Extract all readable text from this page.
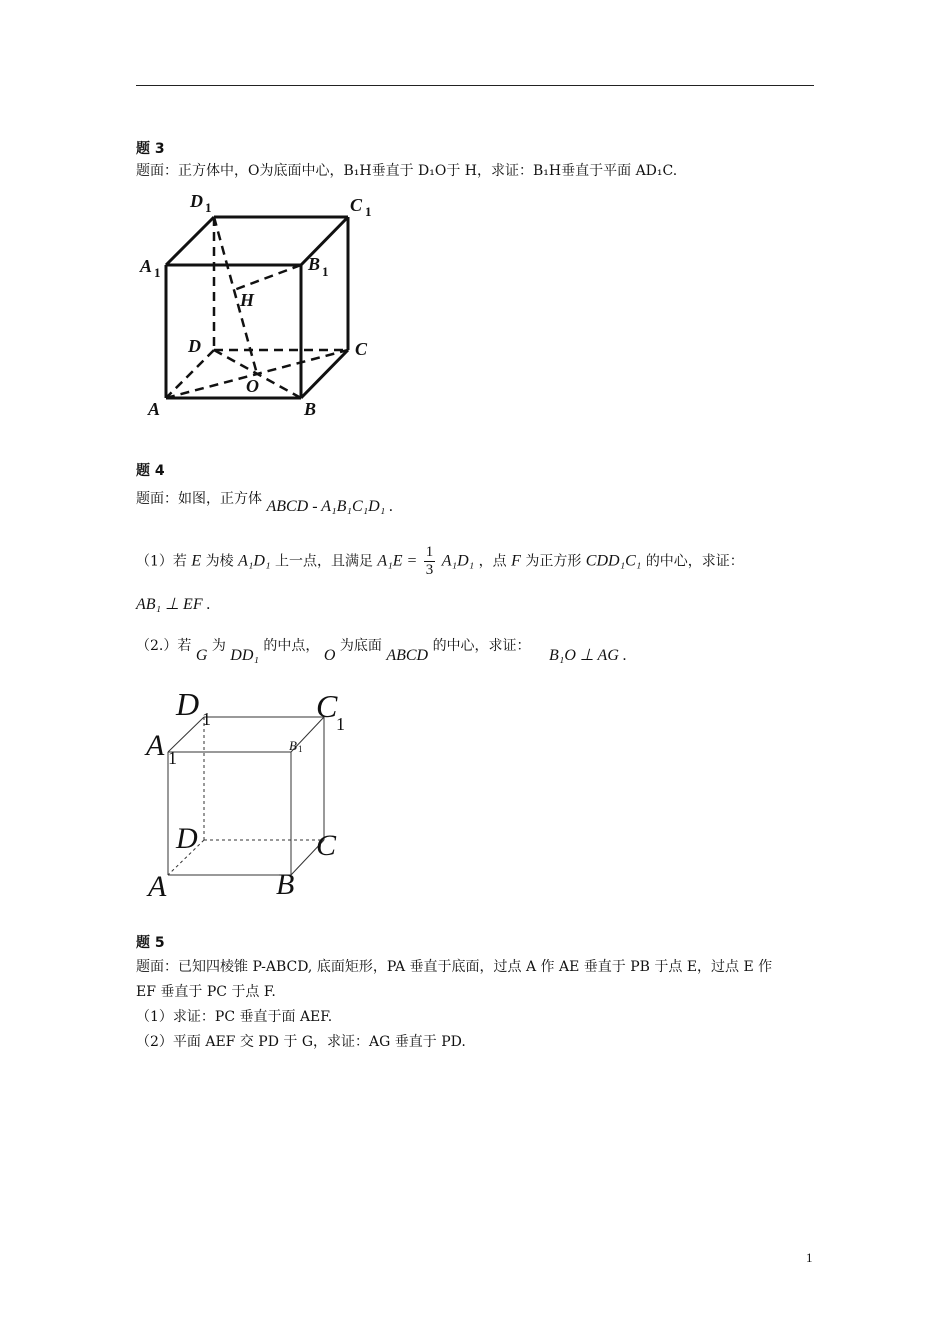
题 3
题面：正方体中，O为底面中心，B₁H垂直于 D₁O于 H，求证：B₁H垂直于平面 AD₁C.
D 1	C 1
A 1	B 1
H
D	C
O
A	B
题 4
题面：如图，正方体 ABCD - A₁B₁C₁D₁ .
（1）若 E 为棱 A₁D₁ 上一点，且满足 $A_1E = \frac{1}{3} A_1D_1$ ，点 F 为正方形 CDD₁C₁ 的中心，求证：
AB₁ ⊥ EF .
（2.）若 G 为 DD₁ 的中点， O 为底面 ABCD 的中心，求证： B₁O ⊥ AG .
D 1	C
1
A 1
B 1
D	C
A	B
题 5
题面：已知四棱锥 P-ABCD, 底面矩形，PA 垂直于底面，过点 A 作 AE 垂直于 PB 于点 E，过点 E 作
EF 垂直于 PC 于点 F.
（1）求证：PC 垂直于面 AEF.
（2）平面 AEF 交 PD 于 G，求证：AG 垂直于 PD.
1
